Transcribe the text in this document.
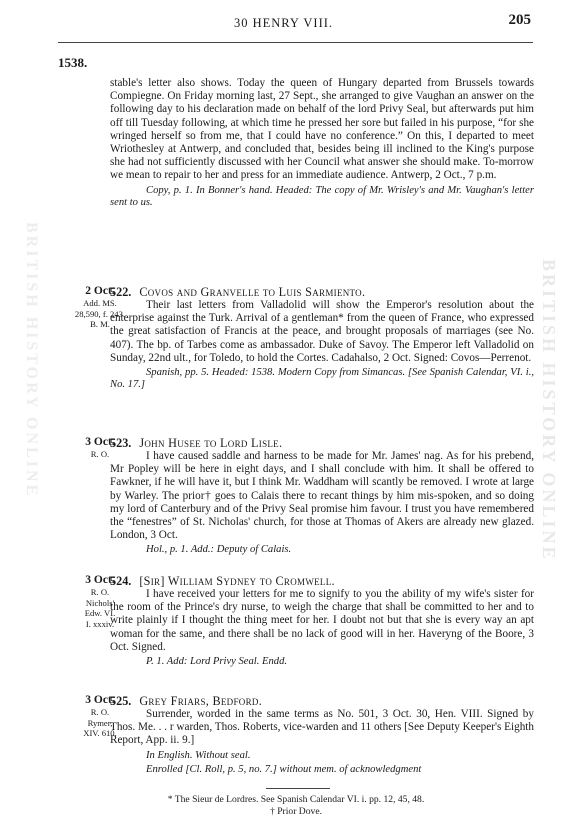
BRITISH HISTORY ONLINE
BRITISH HISTORY ONLINE
30 HENRY VIII.	205
1538.
stable's letter also shows. Today the queen of Hungary departed from Brussels towards Compiegne. On Friday morning last, 27 Sept., she arranged to give Vaughan an answer on the following day to his declaration made on behalf of the lord Privy Seal, but afterwards put him off till Tuesday following, at which time he pressed her sore but failed in his purpose, “for she wringed herself so from me, that I could have no conference.” On this, I departed to meet Wriothesley at Antwerp, and concluded that, besides being ill inclined to the King's purpose she had not sufficiently discussed with her Council what answer she should make. To-morrow we mean to repair to her and press for an immediate audience. Antwerp, 2 Oct., 7 p.m.
Copy, p. 1. In Bonner's hand. Headed: The copy of Mr. Wrisley's and Mr. Vaughan's letter sent to us.
2 Oct.
Add. MS.
28,590, f. 243.
B. M.
522. Covos and Granvelle to Luis Sarmiento.
Their last letters from Valladolid will show the Emperor's resolution about the enterprise against the Turk. Arrival of a gentleman* from the queen of France, who expressed the great satisfaction of Francis at the peace, and brought proposals of marriages (see No. 407). The bp. of Tarbes come as ambassador. Duke of Savoy. The Emperor left Valladolid on Sunday, 22nd ult., for Toledo, to hold the Cortes. Cadahalso, 2 Oct. Signed: Covos—Perrenot.
Spanish, pp. 5. Headed: 1538. Modern Copy from Simancas. [See Spanish Calendar, VI. i., No. 17.]
3 Oct.
R. O.
523. John Husee to Lord Lisle.
I have caused saddle and harness to be made for Mr. James' nag. As for his prebend, Mr Popley will be here in eight days, and I shall conclude with him. It shall be offered to Fawkner, if he will have it, but I think Mr. Waddham will scantly be removed. I wrote at large by Warley. The prior† goes to Calais there to recant things by him mis-spoken, and so doing my lord of Canterbury and of the Privy Seal promise him favour. I trust you have remembered the “fenestres” of St. Nicholas' church, for those at Thomas of Akers are already new glazed. London, 3 Oct.
Hol., p. 1. Add.: Deputy of Calais.
3 Oct.
R. O.
Nichols'
Edw. VI.
I. xxxiv.
524. [Sir] William Sydney to Cromwell.
I have received your letters for me to signify to you the ability of my wife's sister for the room of the Prince's dry nurse, to weigh the charge that shall be committed to her and to write plainly if I thought the thing meet for her. I doubt not but that she is every way an apt woman for the same, and there shall be no lack of good will in her. Haveryng of the Boore, 3 Oct. Signed.
P. 1. Add: Lord Privy Seal. Endd.
3 Oct.
R. O.
Rymer,
XIV. 610.
525. Grey Friars, Bedford.
Surrender, worded in the same terms as No. 501, 3 Oct. 30, Hen. VIII. Signed by Thos. Me. . . r warden, Thos. Roberts, vice-warden and 11 others [See Deputy Keeper's Eighth Report, App. ii. 9.]
In English. Without seal.
Enrolled [Cl. Roll, p. 5, no. 7.] without mem. of acknowledgment
* The Sieur de Lordres. See Spanish Calendar VI. i. pp. 12, 45, 48.
† Prior Dove.
